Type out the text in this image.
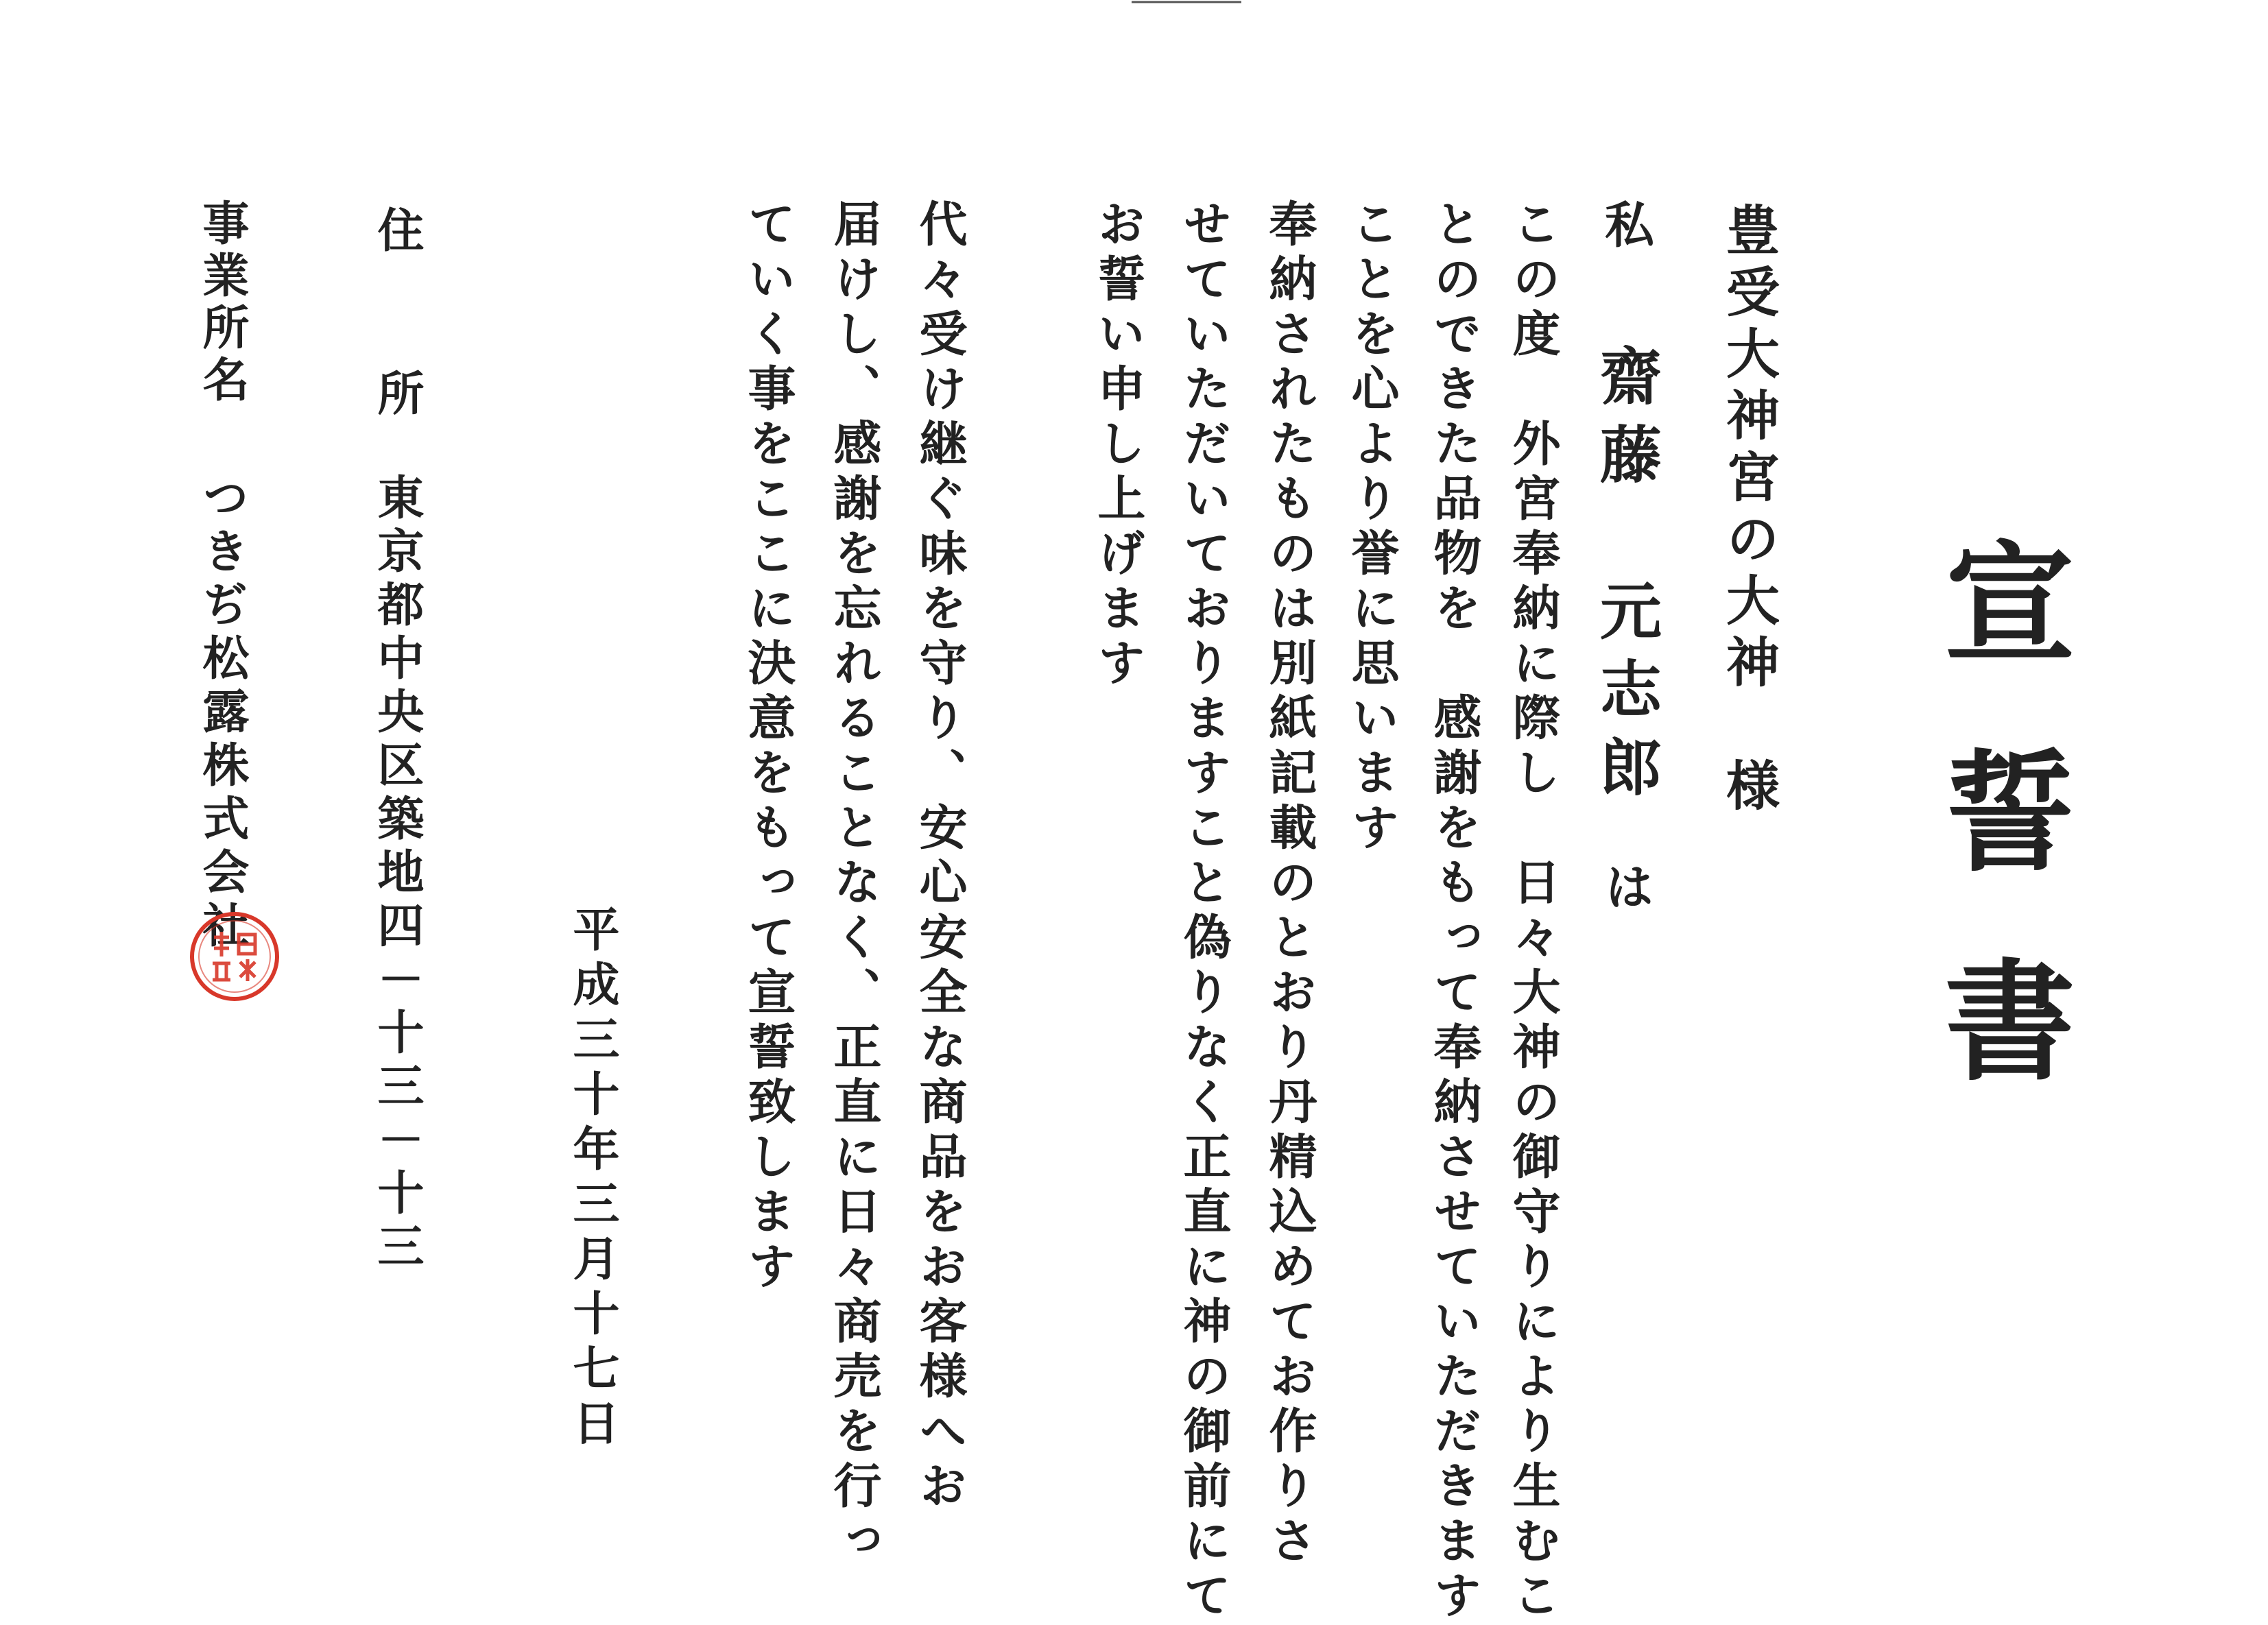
宣誓書
豊受大神宮の大神　様
私齋藤　元志郎は
この度　外宮奉納に際し　日々大神の御守りにより生むこ
とのできた品物を　感謝をもって奉納させていただきます
ことを心より誉に思います
奉納されたものは別紙記載のとおり丹精込めてお作りさ
せていただいておりますこと偽りなく正直に神の御前にて
お誓い申し上げます
代々受け継ぐ味を守り、安心安全な商品をお客様へお
届けし、感謝を忘れることなく、正直に日々商売を行っ
ていく事をここに決意をもって宣誓致します
平成三十年三月十七日
住所
東京都中央区築地四－十三－十三
事業所名
つきぢ松露株式会社
